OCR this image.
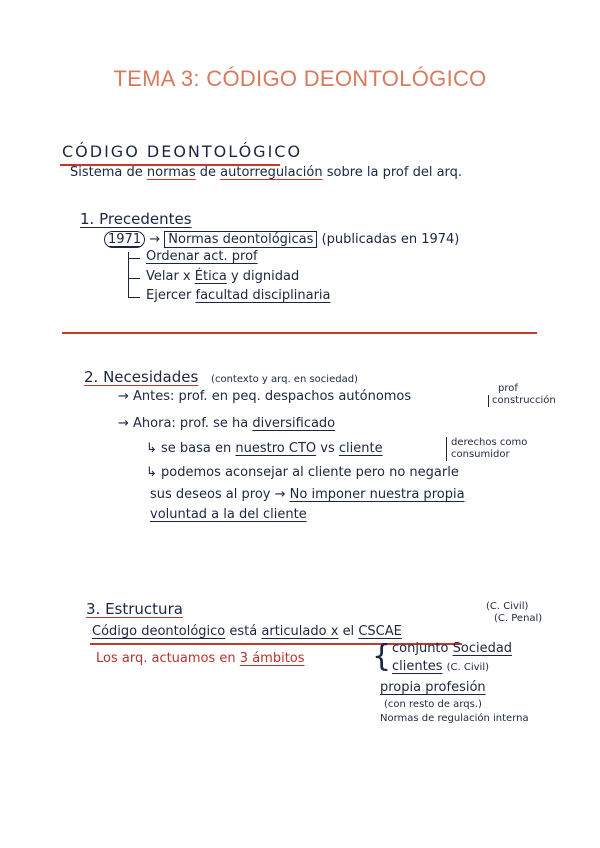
TEMA 3: CÓDIGO DEONTOLÓGICO
CÓDIGO DEONTOLÓGICO
Sistema de normas de autorregulación sobre la prof del arq.
1. Precedentes
1971 → Normas deontológicas (publicadas en 1974)
Ordenar act. prof
Velar x Ética y dignidad
Ejercer facultad disciplinaria
2. Necesidades (contexto y arq. en sociedad)
→ Antes: prof. en peq. despachos autónomos
prof
construcción
→ Ahora: prof. se ha diversificado
↳ se basa en nuestro CTO vs cliente	derechos como
consumidor
↳ podemos aconsejar al cliente pero no negarle
sus deseos al proy → No imponer nuestra propia
voluntad a la del cliente
3. Estructura	(C. Civil)
(C. Penal)
Código deontológico está articulado x el CSCAE
Los arq. actuamos en 3 ámbitos { conjunto Sociedad
clientes (C. Civil)
propia profesión
(con resto de arqs.)
Normas de regulación interna
